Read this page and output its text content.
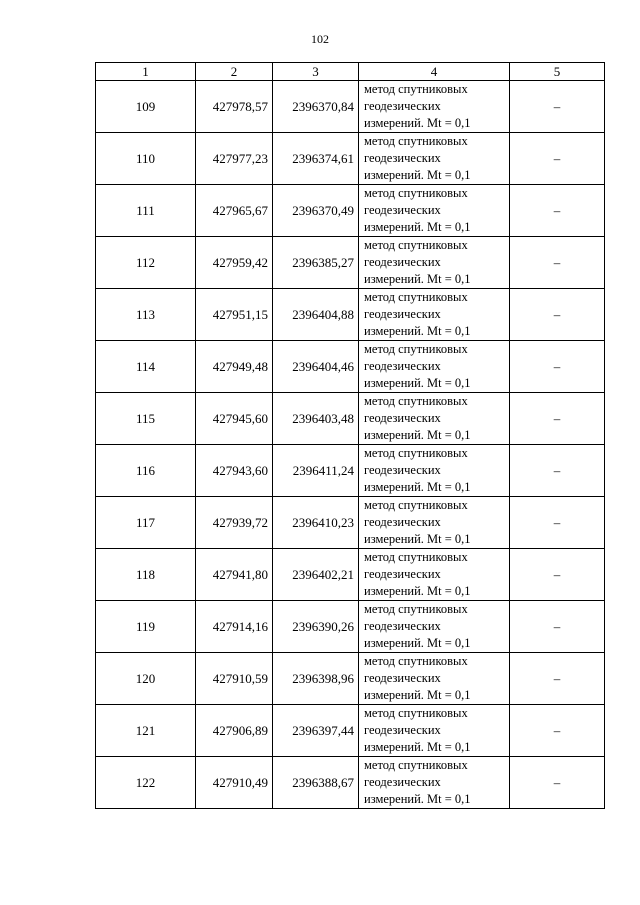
102
1	2	3	4	5
109	427978,57	2396370,84	метод спутниковых
геодезических
измерений. Mt = 0,1	–
110	427977,23	2396374,61	метод спутниковых
геодезических
измерений. Mt = 0,1	–
111	427965,67	2396370,49	метод спутниковых
геодезических
измерений. Mt = 0,1	–
112	427959,42	2396385,27	метод спутниковых
геодезических
измерений. Mt = 0,1	–
113	427951,15	2396404,88	метод спутниковых
геодезических
измерений. Mt = 0,1	–
114	427949,48	2396404,46	метод спутниковых
геодезических
измерений. Mt = 0,1	–
115	427945,60	2396403,48	метод спутниковых
геодезических
измерений. Mt = 0,1	–
116	427943,60	2396411,24	метод спутниковых
геодезических
измерений. Mt = 0,1	–
117	427939,72	2396410,23	метод спутниковых
геодезических
измерений. Mt = 0,1	–
118	427941,80	2396402,21	метод спутниковых
геодезических
измерений. Mt = 0,1	–
119	427914,16	2396390,26	метод спутниковых
геодезических
измерений. Mt = 0,1	–
120	427910,59	2396398,96	метод спутниковых
геодезических
измерений. Mt = 0,1	–
121	427906,89	2396397,44	метод спутниковых
геодезических
измерений. Mt = 0,1	–
122	427910,49	2396388,67	метод спутниковых
геодезических
измерений. Mt = 0,1	–
